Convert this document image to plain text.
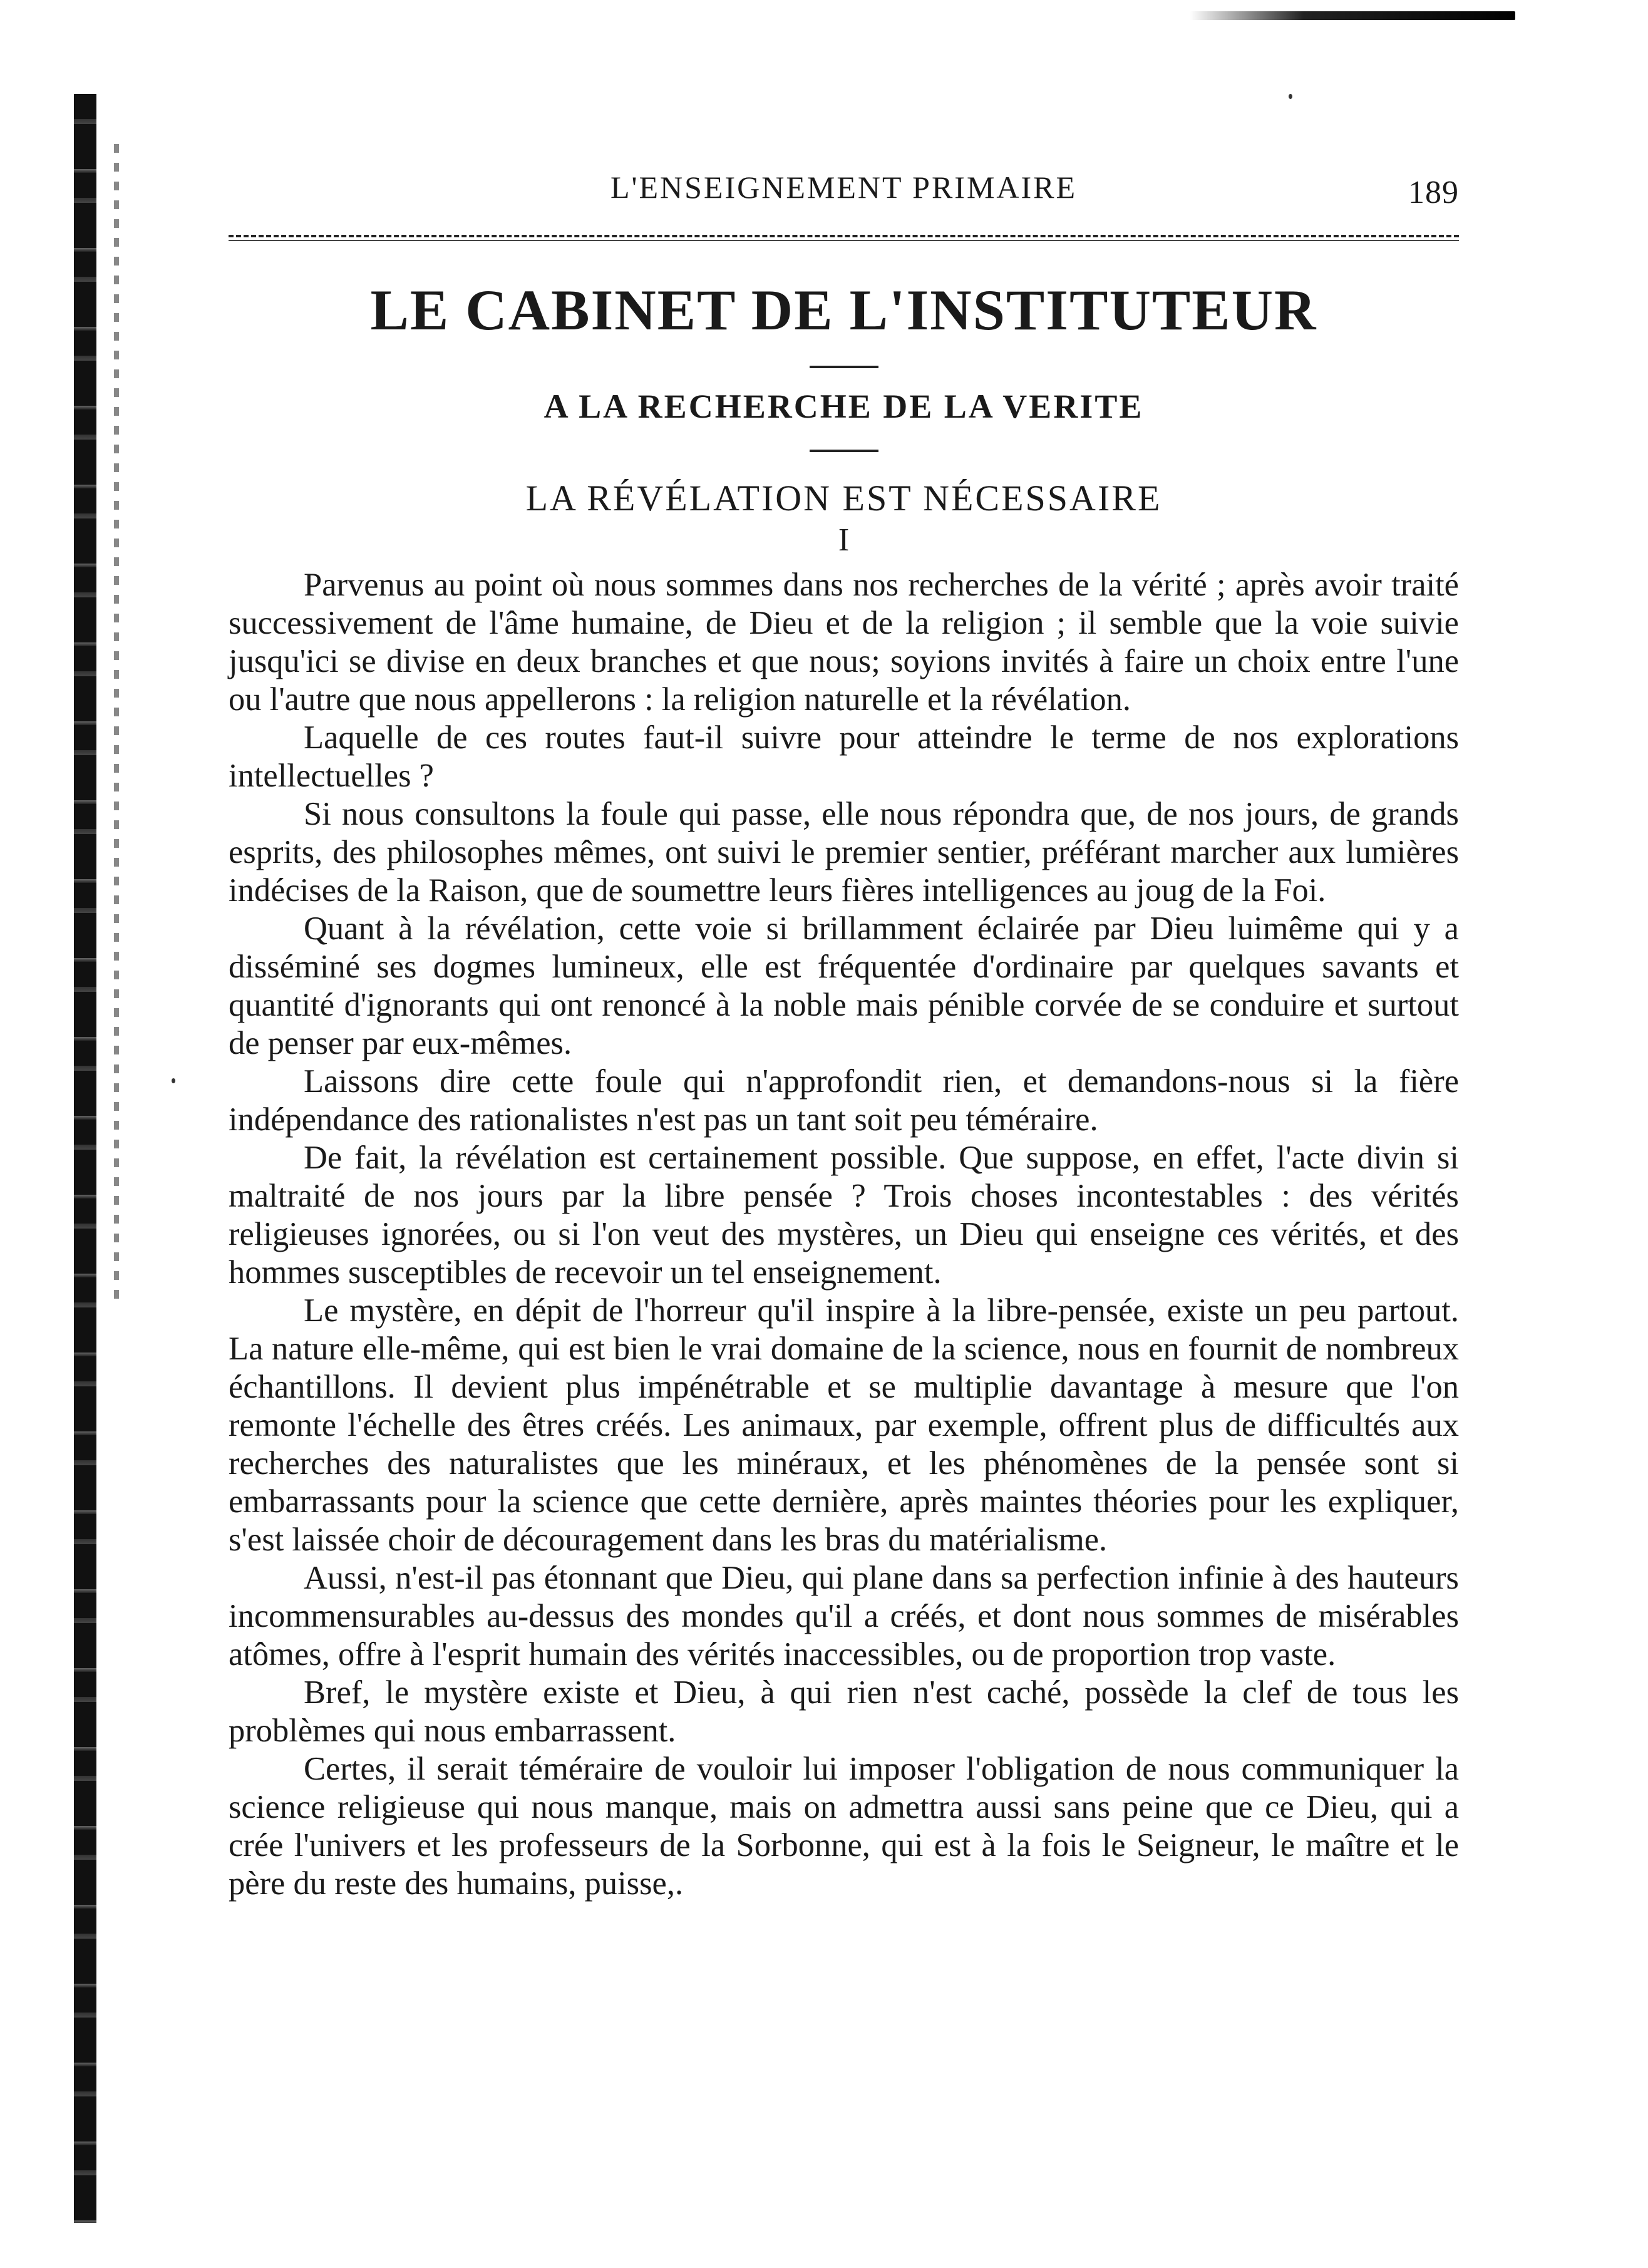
L'ENSEIGNEMENT PRIMAIRE	189
LE CABINET DE L'INSTITUTEUR
A LA RECHERCHE DE LA VERITE
LA RÉVÉLATION EST NÉCESSAIRE
I

Parvenus au point où nous sommes dans nos recherches de la vérité ; après avoir traité successivement de l'âme humaine, de Dieu et de la religion ; il semble que la voie suivie jusqu'ici se divise en deux branches et que nous; soyions invités à faire un choix entre l'une ou l'autre que nous appellerons : la religion naturelle et la révélation.

Laquelle de ces routes faut-il suivre pour atteindre le terme de nos explorations intellectuelles ?

Si nous consultons la foule qui passe, elle nous répondra que, de nos jours, de grands esprits, des philosophes mêmes, ont suivi le premier sentier, préférant marcher aux lumières indécises de la Raison, que de soumettre leurs fières intelligences au joug de la Foi.

Quant à la révélation, cette voie si brillamment éclairée par Dieu luimême qui y a disséminé ses dogmes lumineux, elle est fréquentée d'ordinaire par quelques savants et quantité d'ignorants qui ont renoncé à la noble mais pénible corvée de se conduire et surtout de penser par eux-mêmes.

Laissons dire cette foule qui n'approfondit rien, et demandons-nous si la fière indépendance des rationalistes n'est pas un tant soit peu téméraire.

De fait, la révélation est certainement possible. Que suppose, en effet, l'acte divin si maltraité de nos jours par la libre pensée ? Trois choses incontestables : des vérités religieuses ignorées, ou si l'on veut des mystères, un Dieu qui enseigne ces vérités, et des hommes susceptibles de recevoir un tel enseignement.

Le mystère, en dépit de l'horreur qu'il inspire à la libre-pensée, existe un peu partout. La nature elle-même, qui est bien le vrai domaine de la science, nous en fournit de nombreux échantillons. Il devient plus impénétrable et se multiplie davantage à mesure que l'on remonte l'échelle des êtres créés. Les animaux, par exemple, offrent plus de difficultés aux recherches des naturalistes que les minéraux, et les phénomènes de la pensée sont si embarrassants pour la science que cette dernière, après maintes théories pour les expliquer, s'est laissée choir de découragement dans les bras du matérialisme.

Aussi, n'est-il pas étonnant que Dieu, qui plane dans sa perfection infinie à des hauteurs incommensurables au-dessus des mondes qu'il a créés, et dont nous sommes de misérables atômes, offre à l'esprit humain des vérités inaccessibles, ou de proportion trop vaste.

Bref, le mystère existe et Dieu, à qui rien n'est caché, possède la clef de tous les problèmes qui nous embarrassent.

Certes, il serait téméraire de vouloir lui imposer l'obligation de nous communiquer la science religieuse qui nous manque, mais on admettra aussi sans peine que ce Dieu, qui a crée l'univers et les professeurs de la Sorbonne, qui est à la fois le Seigneur, le maître et le père du reste des humains, puisse,.
